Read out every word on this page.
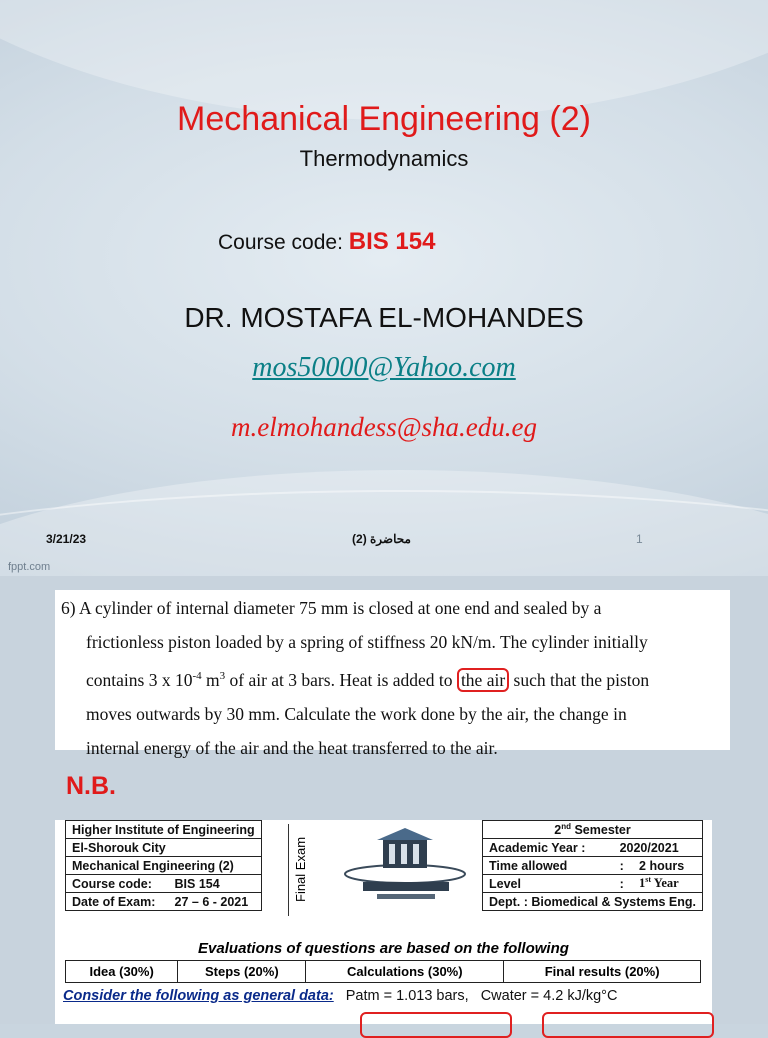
Mechanical Engineering (2)
Thermodynamics
Course code: BIS 154
DR. MOSTAFA EL-MOHANDES
mos50000@Yahoo.com
m.elmohandess@sha.edu.eg
3/21/23	محاضرة (2)	1
fppt.com
6) A cylinder of internal diameter 75 mm is closed at one end and sealed by a
frictionless piston loaded by a spring of stiffness 20 kN/m. The cylinder initially
contains 3 x $10^{-4}$ $m^3$ of air at 3 bars. Heat is added to the air such that the piston
moves outwards by 30 mm. Calculate the work done by the air, the change in
internal energy of the air and the heat transferred to the air.
N.B.
Higher Institute of Engineering	
El-Shorouk City	
Mechanical Engineering (2)	
Course code:	BIS 154
Date of Exam:	27 – 6 - 2021	Final Exam
2nd Semester		
Academic Year :	2020/2021	
Time allowed	:	2 hours
Level	:	1st Year
Dept. : Biomedical & Systems Eng.		
Evaluations of questions are based on the following
Idea (30%)	Steps (20%)	Calculations (30%)	Final results (20%)
Consider the following as general data: Patm = 1.013 bars, Cwater = 4.2 kJ/kg°C
